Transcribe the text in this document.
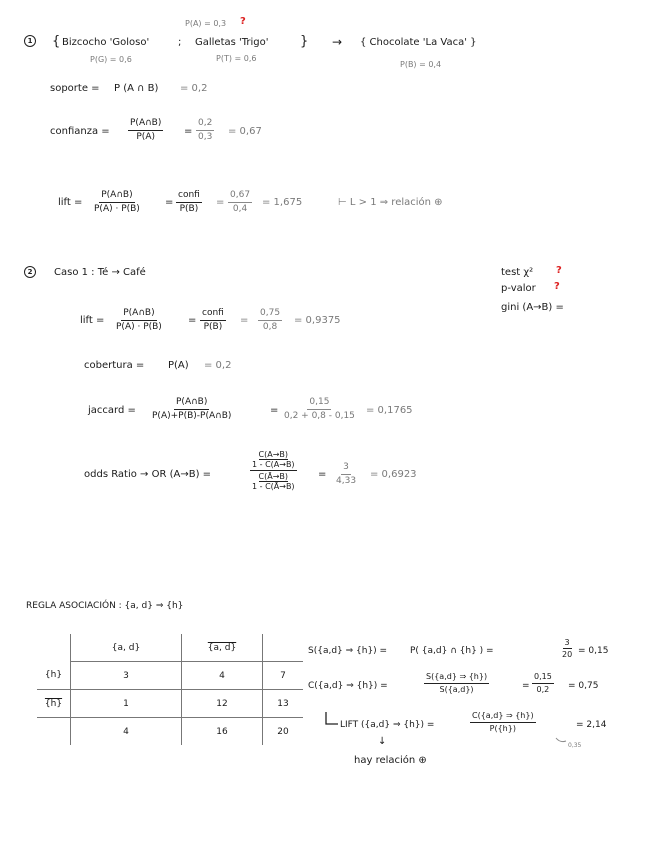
1 { Bizcocho 'Goloso'	; Galletas 'Trigo' } → { Chocolate 'La Vaca' }
P(A) = 0,3 ?
P(G) = 0,6	P(T) = 0,6
P(B) = 0,4
soporte = P (A ∩ B) = 0,2
confianza = $\frac{P(A\cap B)}{P(A)} = \frac{0,2}{0,3} = 0,67$
lift = $\frac{P(A\cap B)}{P(A) \cdot P(B)}$ =
confi
P(B)
= $\frac{0,67}{0,4} = 1,675$	⊢ L > 1 ⇒ relación ⊕
2	Caso 1 : Té → Café	test χ² ?
p-valor ?
gini (A→B) =
lift = $\frac{P(A\cap B)}{P(A) \cdot P(B)}$ =
confi
P(B)
= $\frac{0,75}{0,8} = 0,9375$
cobertura = P(A) = 0,2
jaccard = $\frac{P(A\cap B)}{P(A)+P(B)-P(A\cap B)}$	= $\frac{0,15}{0,2 + 0,8 - 0,15} = 0,1765$
odds Ratio → OR (A→B) =	$\frac{\frac{C(A\to B)}{1 - C(A\to B)}}{\frac{C(Ā\to B)}{1 - C(Ā\to B)}} = \frac{3}{4,33} = 0,6923$
REGLA ASOCIACIÓN : {a, d} ⇒ {h}
	{a, d}	{a, d}	
{h}	3	4	7
{h}	1	12	13
	4	16	20
S({a,d} ⇒ {h}) =	P( {a,d} ∩ {h} ) =	$\frac{3}{20} = 0,15$
C({a,d} ⇒ {h}) =	$\frac{S(\{a,d\} \Rightarrow \{h\})}{S(\{a,d\})}$	= $\frac{0,15}{0,2} = 0,75$
LIFT ({a,d} ⇒ {h}) =	$\frac{C(\{a,d\} \Rightarrow \{h\})}{P(\{h\})}$	= 2,14
0,35
↓
hay relación ⊕
